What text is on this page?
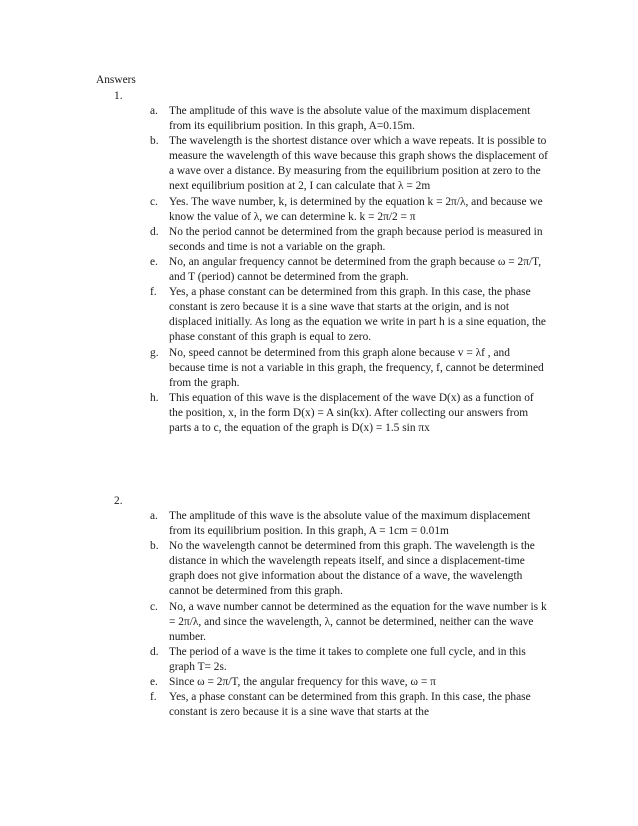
Answers
1.
a. The amplitude of this wave is the absolute value of the maximum displacement from its equilibrium position. In this graph, A=0.15m.
b. The wavelength is the shortest distance over which a wave repeats. It is possible to measure the wavelength of this wave because this graph shows the displacement of a wave over a distance. By measuring from the equilibrium position at zero to the next equilibrium position at 2, I can calculate that λ = 2m
c. Yes. The wave number, k, is determined by the equation k = 2π/λ, and because we know the value of λ, we can determine k. k = 2π/2 = π
d. No the period cannot be determined from the graph because period is measured in seconds and time is not a variable on the graph.
e. No, an angular frequency cannot be determined from the graph because ω = 2π/T, and T (period) cannot be determined from the graph.
f. Yes, a phase constant can be determined from this graph. In this case, the phase constant is zero because it is a sine wave that starts at the origin, and is not displaced initially. As long as the equation we write in part h is a sine equation, the phase constant of this graph is equal to zero.
g. No, speed cannot be determined from this graph alone because v = λf , and because time is not a variable in this graph, the frequency, f, cannot be determined from the graph.
h. This equation of this wave is the displacement of the wave D(x) as a function of the position, x, in the form D(x) = A sin(kx). After collecting our answers from parts a to c, the equation of the graph is D(x) = 1.5 sin πx
2.
a. The amplitude of this wave is the absolute value of the maximum displacement from its equilibrium position. In this graph, A = 1cm = 0.01m
b. No the wavelength cannot be determined from this graph. The wavelength is the distance in which the wavelength repeats itself, and since a displacement-time graph does not give information about the distance of a wave, the wavelength cannot be determined from this graph.
c. No, a wave number cannot be determined as the equation for the wave number is k = 2π/λ, and since the wavelength, λ, cannot be determined, neither can the wave number.
d. The period of a wave is the time it takes to complete one full cycle, and in this graph T= 2s.
e. Since ω = 2π/T, the angular frequency for this wave, ω = π
f. Yes, a phase constant can be determined from this graph. In this case, the phase constant is zero because it is a sine wave that starts at the
